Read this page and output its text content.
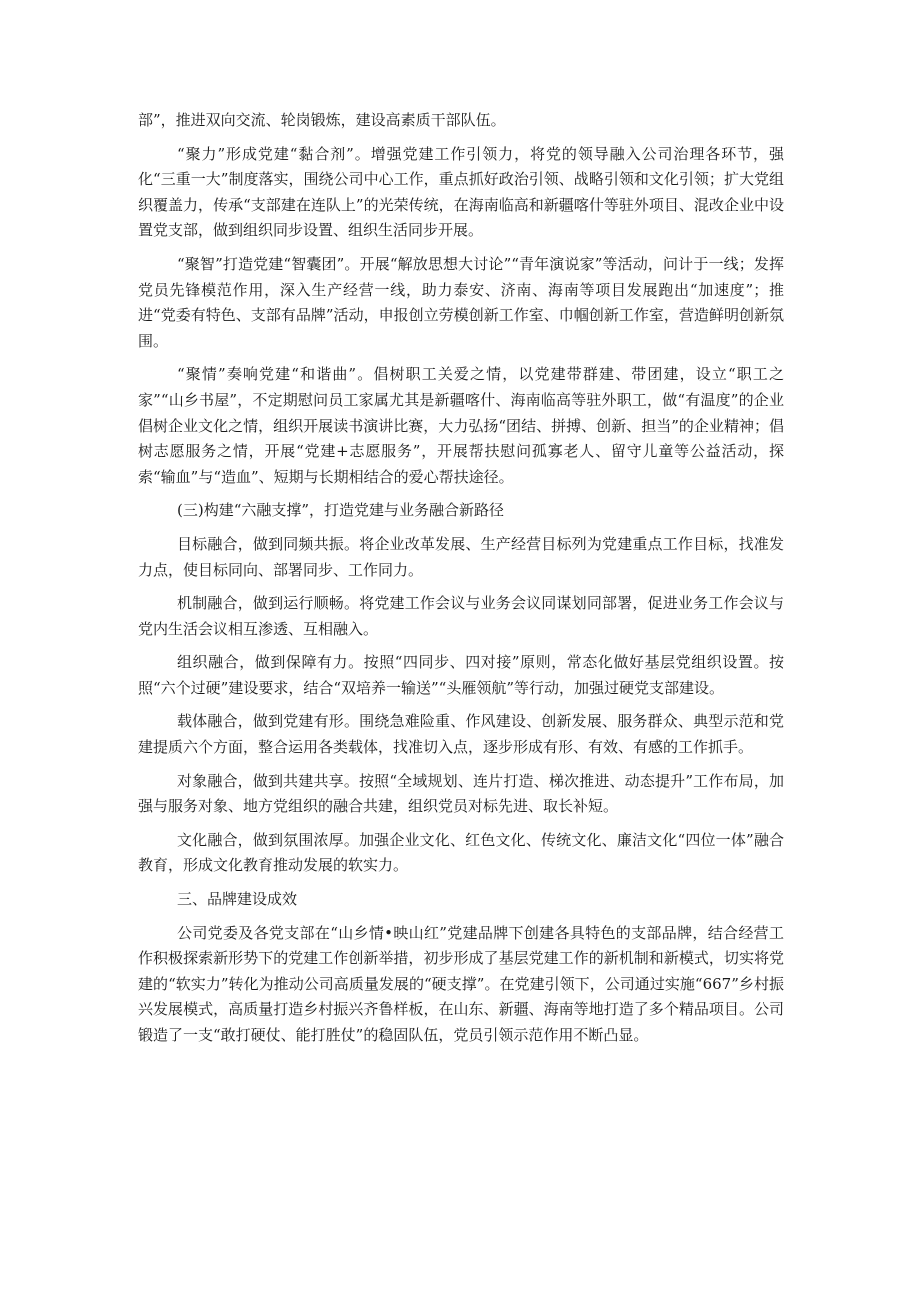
部”，推进双向交流、轮岗锻炼，建设高素质干部队伍。

“聚力”形成党建“黏合剂”。增强党建工作引领力，将党的领导融入公司治理各环节，强化“三重一大”制度落实，围绕公司中心工作，重点抓好政治引领、战略引领和文化引领；扩大党组织覆盖力，传承“支部建在连队上”的光荣传统，在海南临高和新疆喀什等驻外项目、混改企业中设置党支部，做到组织同步设置、组织生活同步开展。

“聚智”打造党建“智囊团”。开展“解放思想大讨论”“青年演说家”等活动，问计于一线；发挥党员先锋模范作用，深入生产经营一线，助力泰安、济南、海南等项目发展跑出“加速度”；推进“党委有特色、支部有品牌”活动，申报创立劳模创新工作室、巾帼创新工作室，营造鲜明创新氛围。

“聚情”奏响党建“和谐曲”。倡树职工关爱之情，以党建带群建、带团建，设立“职工之家”“山乡书屋”，不定期慰问员工家属尤其是新疆喀什、海南临高等驻外职工，做“有温度”的企业 倡树企业文化之情，组织开展读书演讲比赛，大力弘扬“团结、拼搏、创新、担当”的企业精神；倡树志愿服务之情，开展“党建+志愿服务”，开展帮扶慰问孤寡老人、留守儿童等公益活动，探索“输血”与“造血”、短期与长期相结合的爱心帮扶途径。

(三)构建“六融支撑”，打造党建与业务融合新路径

目标融合，做到同频共振。将企业改革发展、生产经营目标列为党建重点工作目标，找准发力点，使目标同向、部署同步、工作同力。

机制融合，做到运行顺畅。将党建工作会议与业务会议同谋划同部署，促进业务工作会议与党内生活会议相互渗透、互相融入。

组织融合，做到保障有力。按照“四同步、四对接”原则，常态化做好基层党组织设置。按照“六个过硬”建设要求，结合“双培养一输送”“头雁领航”等行动，加强过硬党支部建设。

载体融合，做到党建有形。围绕急难险重、作风建设、创新发展、服务群众、典型示范和党建提质六个方面，整合运用各类载体，找准切入点，逐步形成有形、有效、有感的工作抓手。

对象融合，做到共建共享。按照“全域规划、连片打造、梯次推进、动态提升”工作布局，加强与服务对象、地方党组织的融合共建，组织党员对标先进、取长补短。

文化融合，做到氛围浓厚。加强企业文化、红色文化、传统文化、廉洁文化“四位一体”融合教育，形成文化教育推动发展的软实力。

三、品牌建设成效

公司党委及各党支部在“山乡情•映山红”党建品牌下创建各具特色的支部品牌，结合经营工作积极探索新形势下的党建工作创新举措，初步形成了基层党建工作的新机制和新模式，切实将党建的“软实力”转化为推动公司高质量发展的“硬支撑”。在党建引领下，公司通过实施“667”乡村振兴发展模式，高质量打造乡村振兴齐鲁样板，在山东、新疆、海南等地打造了多个精品项目。公司锻造了一支“敢打硬仗、能打胜仗”的稳固队伍，党员引领示范作用不断凸显。
